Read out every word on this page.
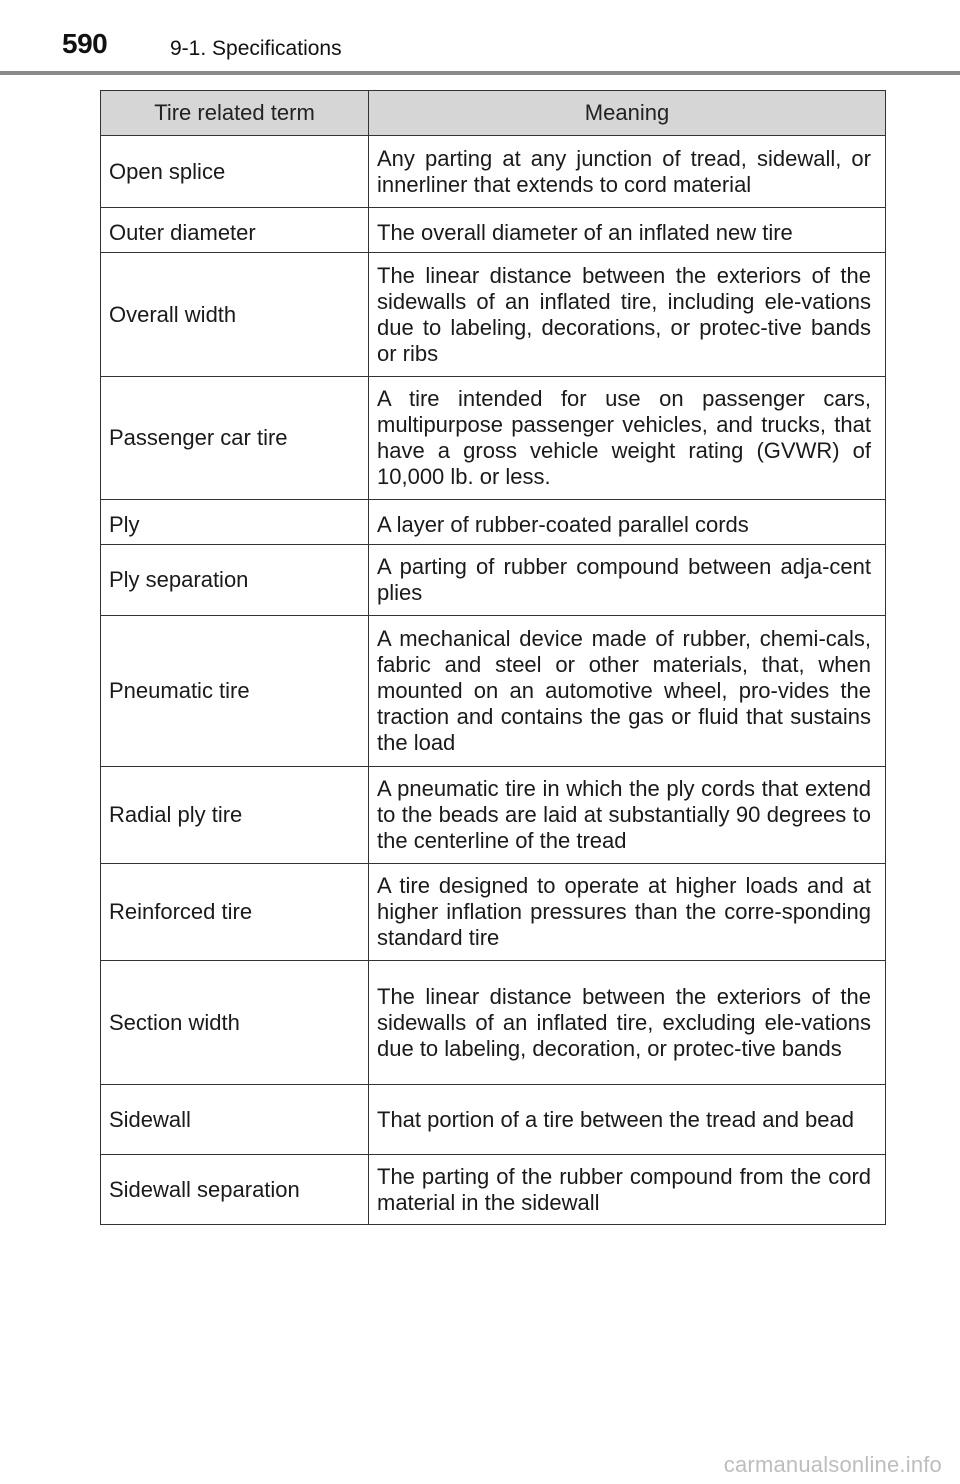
590	9-1. Specifications
Tire related term	Meaning
Open splice	Any parting at any junction of tread, sidewall, or innerliner that extends to cord material
Outer diameter	The overall diameter of an inflated new tire
Overall width	The linear distance between the exteriors of the sidewalls of an inflated tire, including ele-vations due to labeling, decorations, or protec-tive bands or ribs
Passenger car tire	A tire intended for use on passenger cars, multipurpose passenger vehicles, and trucks, that have a gross vehicle weight rating (GVWR) of 10,000 lb. or less.
Ply	A layer of rubber-coated parallel cords
Ply separation	A parting of rubber compound between adja-cent plies
Pneumatic tire	A mechanical device made of rubber, chemi-cals, fabric and steel or other materials, that, when mounted on an automotive wheel, pro-vides the traction and contains the gas or fluid that sustains the load
Radial ply tire	A pneumatic tire in which the ply cords that extend to the beads are laid at substantially 90 degrees to the centerline of the tread
Reinforced tire	A tire designed to operate at higher loads and at higher inflation pressures than the corre-sponding standard tire
Section width	The linear distance between the exteriors of the sidewalls of an inflated tire, excluding ele-vations due to labeling, decoration, or protec-tive bands
Sidewall	That portion of a tire between the tread and bead
Sidewall separation	The parting of the rubber compound from the cord material in the sidewall
carmanualsonline.info
